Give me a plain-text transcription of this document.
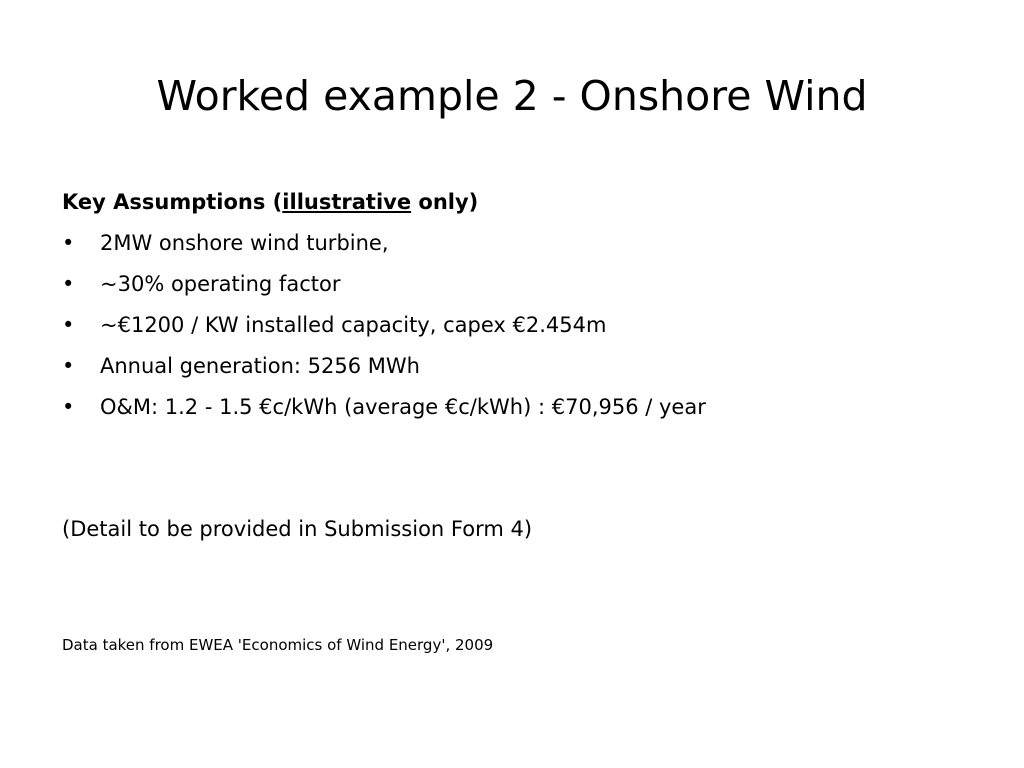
Worked example 2 - Onshore Wind
Key Assumptions (illustrative only)
• 2MW onshore wind turbine,
• ~30% operating factor
• ~€1200 / KW installed capacity, capex €2.454m
• Annual generation: 5256 MWh
• O&M: 1.2 - 1.5 €c/kWh (average €c/kWh) : €70,956 / year
(Detail to be provided in Submission Form 4)
Data taken from EWEA 'Economics of Wind Energy', 2009
